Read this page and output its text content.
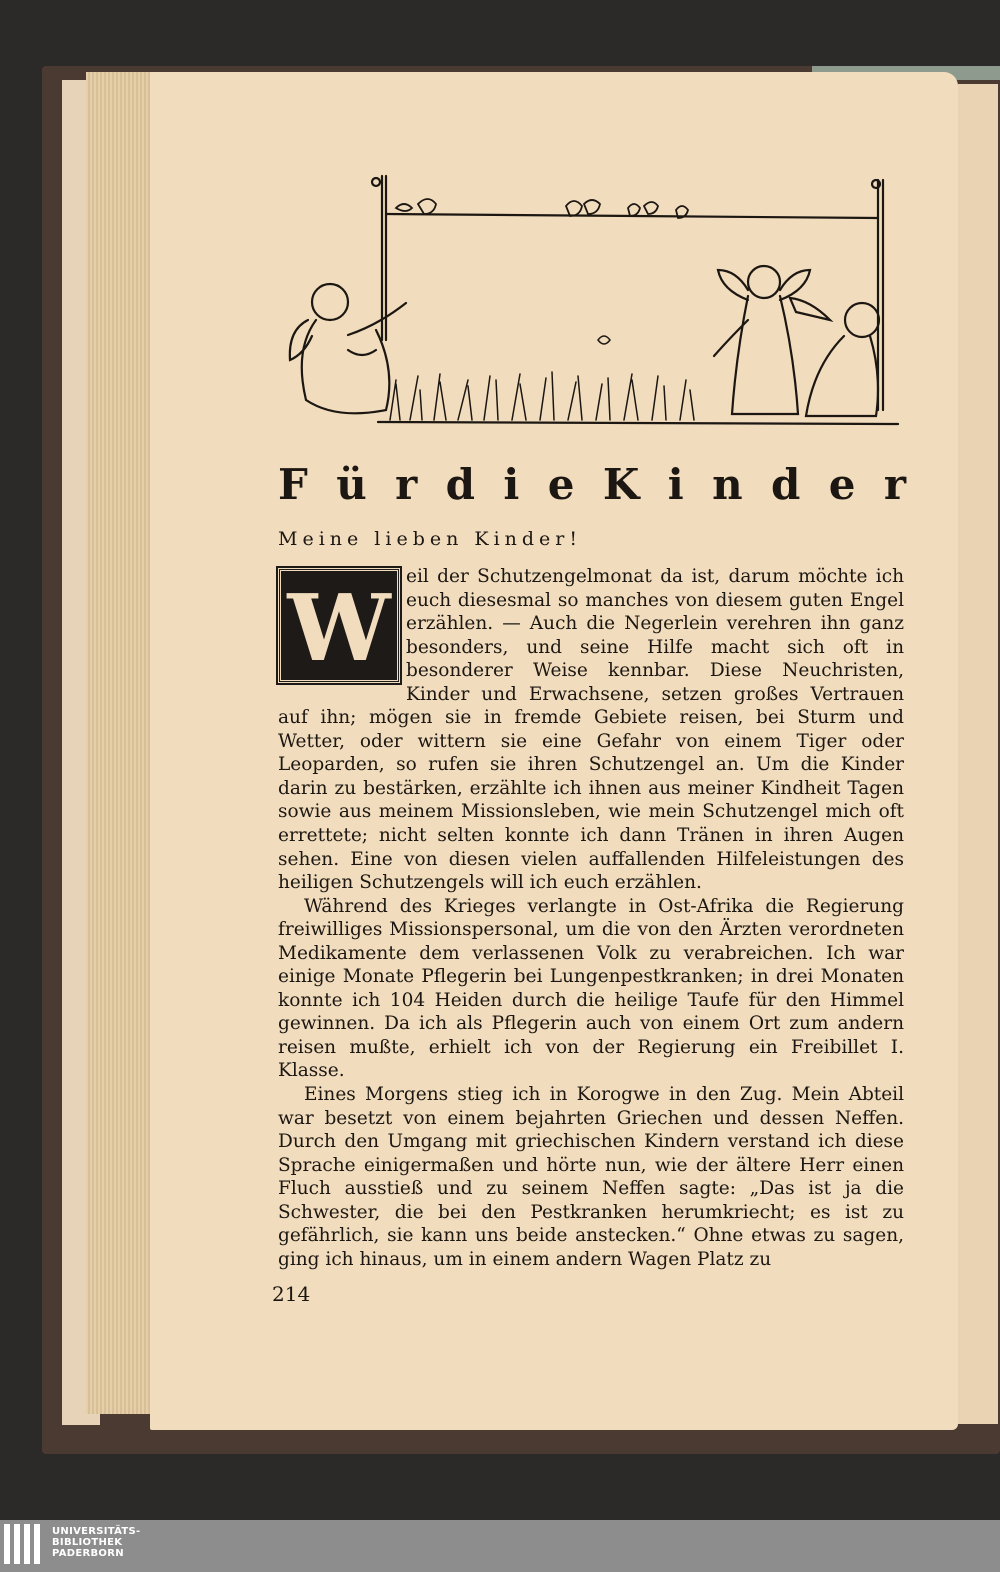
F ü r d i e K i n d e r
Meine lieben Kinder!

W eil der Schutzengelmonat da ist, darum möchte ich euch diesesmal so manches von diesem guten Engel erzählen. — Auch die Negerlein verehren ihn ganz besonders, und seine Hilfe macht sich oft in besonderer Weise kennbar. Diese Neuchristen, Kinder und Erwachsene, setzen großes Vertrauen auf ihn; mögen sie in fremde Gebiete reisen, bei Sturm und Wetter, oder wittern sie eine Gefahr von einem Tiger oder Leoparden, so rufen sie ihren Schutzengel an. Um die Kinder darin zu bestärken, erzählte ich ihnen aus meiner Kindheit Tagen sowie aus meinem Missionsleben, wie mein Schutzengel mich oft errettete; nicht selten konnte ich dann Tränen in ihren Augen sehen. Eine von diesen vielen auffallenden Hilfeleistungen des heiligen Schutzengels will ich euch erzählen.

Während des Krieges verlangte in Ost-Afrika die Regierung freiwilliges Missionspersonal, um die von den Ärzten verordneten Medikamente dem verlassenen Volk zu verabreichen. Ich war einige Monate Pflegerin bei Lungenpestkranken; in drei Monaten konnte ich 104 Heiden durch die heilige Taufe für den Himmel gewinnen. Da ich als Pflegerin auch von einem Ort zum andern reisen mußte, erhielt ich von der Regierung ein Freibillet I. Klasse.

Eines Morgens stieg ich in Korogwe in den Zug. Mein Abteil war besetzt von einem bejahrten Griechen und dessen Neffen. Durch den Umgang mit griechischen Kindern verstand ich diese Sprache einigermaßen und hörte nun, wie der ältere Herr einen Fluch ausstieß und zu seinem Neffen sagte: „Das ist ja die Schwester, die bei den Pestkranken herumkriecht; es ist zu gefährlich, sie kann uns beide anstecken.“ Ohne etwas zu sagen, ging ich hinaus, um in einem andern Wagen Platz zu

214
UNIVERSITÄTS-
BIBLIOTHEK
PADERBORN
